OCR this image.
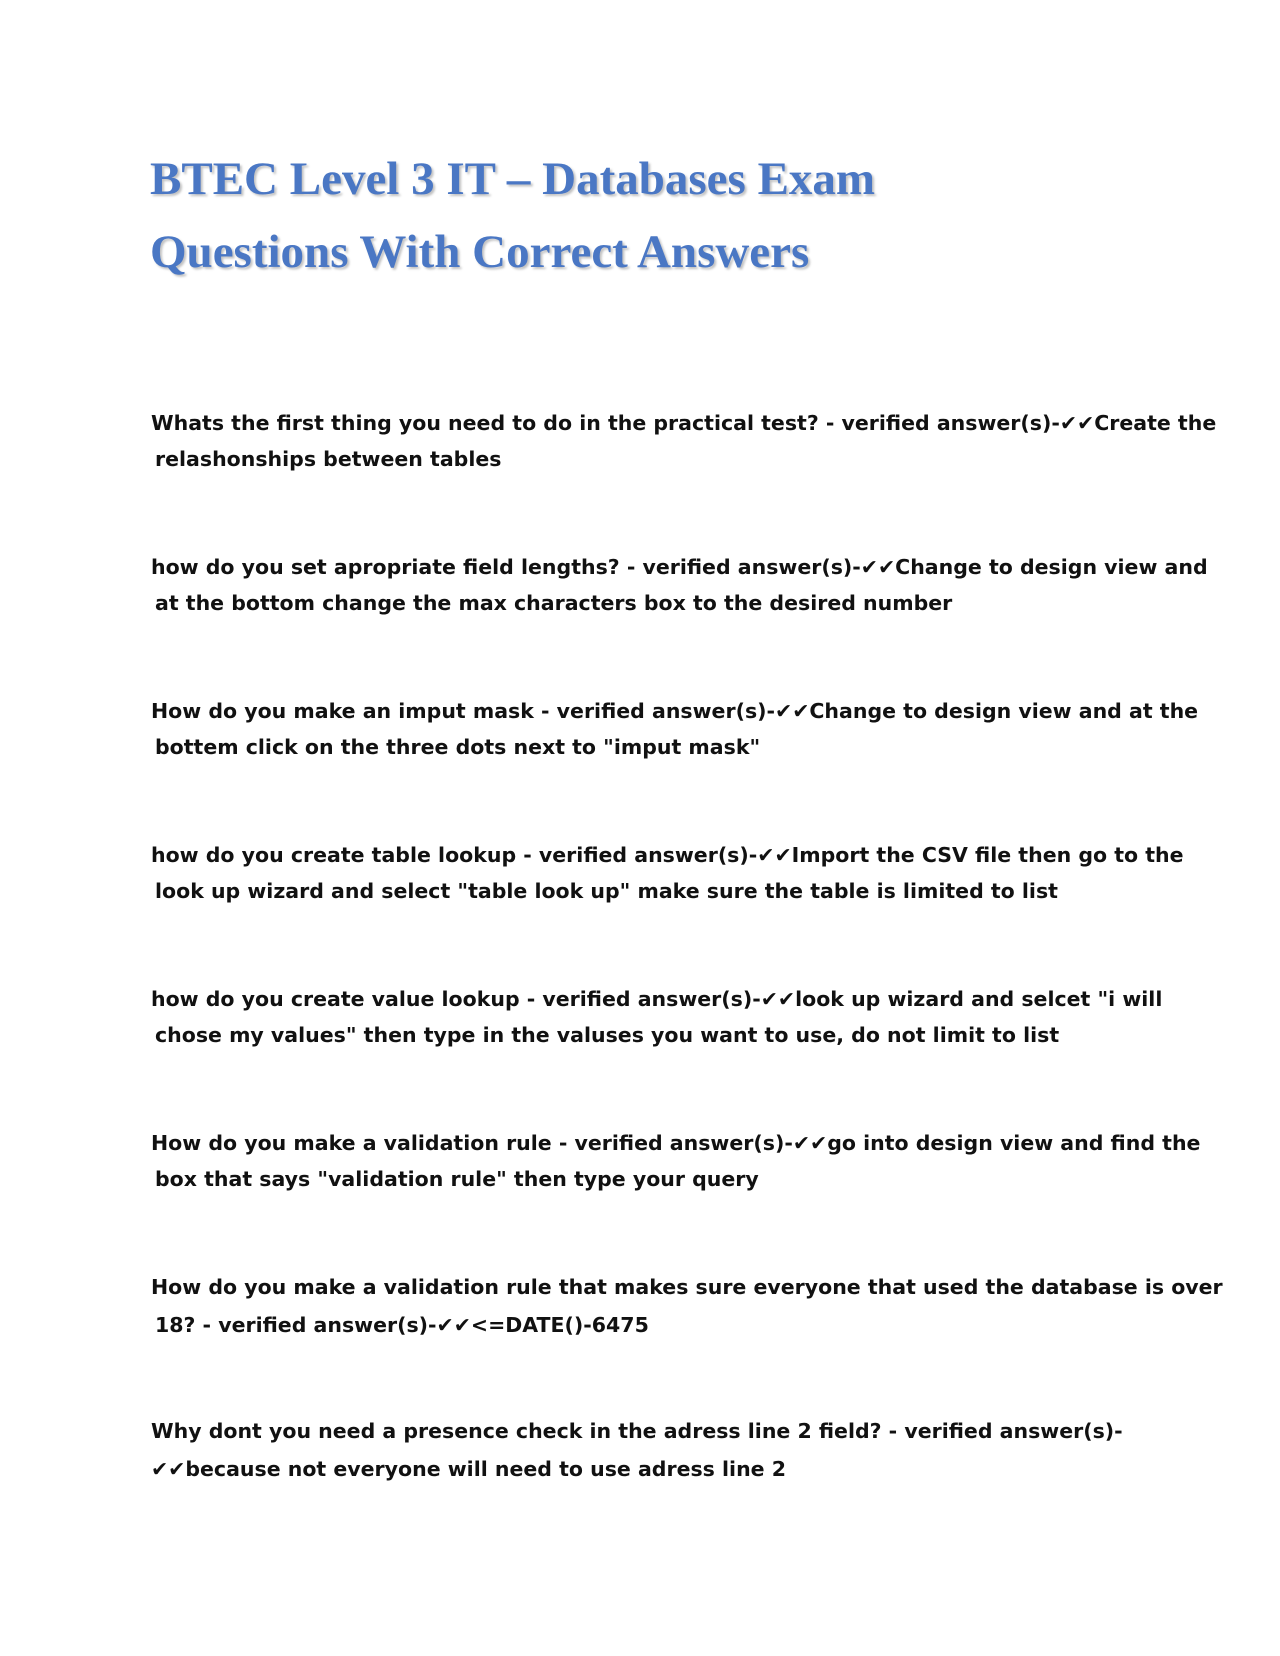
BTEC Level 3 IT – Databases Exam
Questions With Correct Answers

Whats the first thing you need to do in the practical test? - verified answer(s)-✔✔Create the
relashonships between tables

how do you set apropriate field lengths? - verified answer(s)-✔✔Change to design view and
at the bottom change the max characters box to the desired number

How do you make an imput mask - verified answer(s)-✔✔Change to design view and at the
bottem click on the three dots next to "imput mask"

how do you create table lookup - verified answer(s)-✔✔Import the CSV file then go to the
look up wizard and select "table look up" make sure the table is limited to list

how do you create value lookup - verified answer(s)-✔✔look up wizard and selcet "i will
chose my values" then type in the valuses you want to use, do not limit to list

How do you make a validation rule - verified answer(s)-✔✔go into design view and find the
box that says "validation rule" then type your query

How do you make a validation rule that makes sure everyone that used the database is over
18? - verified answer(s)-✔✔<=DATE()-6475

Why dont you need a presence check in the adress line 2 field? - verified answer(s)-
✔✔because not everyone will need to use adress line 2
